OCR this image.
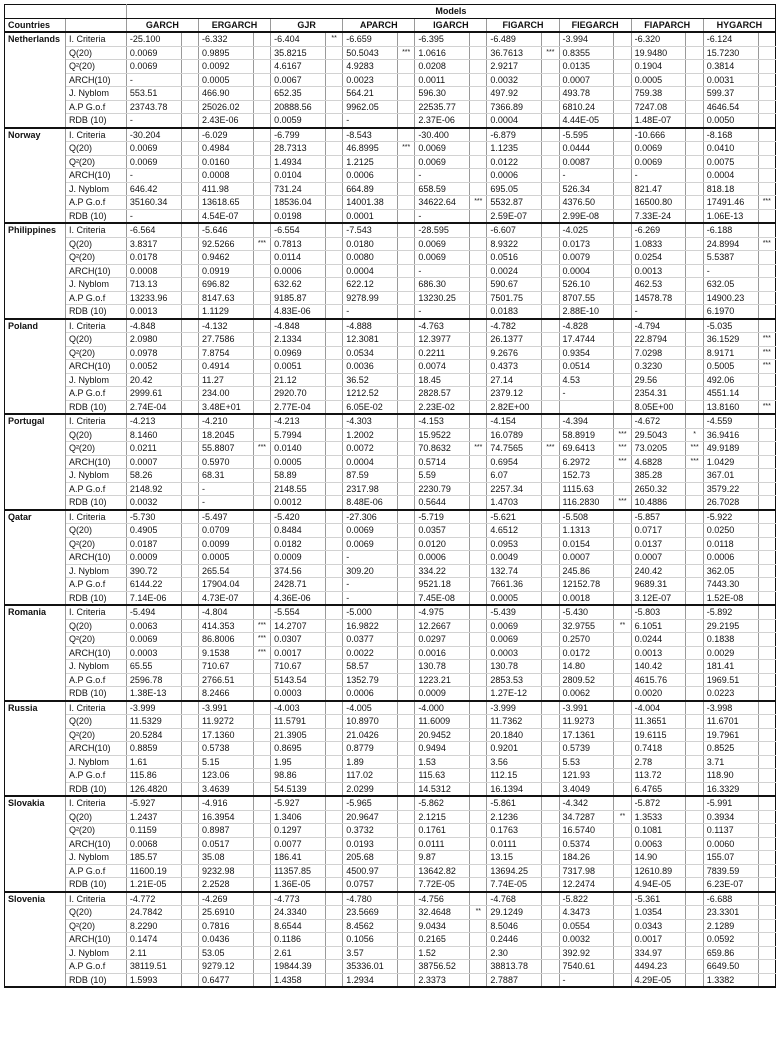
		Models																	
Countries		GARCH		ERGARCH		GJR		APARCH		IGARCH		FIGARCH		FIEGARCH		FIAPARCH		HYGARCH	
Netherlands	I. Criteria	-25.100		-6.332		-6.404	**	-6.659		-6.395		-6.489		-3.994		-6.320		-6.124	
	Q(20)	0.0069		0.9895		35.8215		50.5043	***	1.0616		36.7613	***	0.8355		19.9480		15.7230	
	Q²(20)	0.0069		0.0092		4.6167		4.9283		0.0208		2.9217		0.0135		0.1904		0.3814	
	ARCH(10)	-		0.0005		0.0067		0.0023		0.0011		0.0032		0.0007		0.0005		0.0031	
	J. Nyblom	553.51		466.90		652.35		564.21		596.30		497.92		493.78		759.38		599.37	
	A.P G.o.f	23743.78		25026.02		20888.56		9962.05		22535.77		7366.89		6810.24		7247.08		4646.54	
	RDB (10)	-		2.43E-06		0.0059		-		2.37E-06		0.0004		4.44E-05		1.48E-07		0.0050	
Norway	I. Criteria	-30.204		-6.029		-6.799		-8.543		-30.400		-6.879		-5.595		-10.666		-8.168	
	Q(20)	0.0069		0.4984		28.7313		46.8995	***	0.0069		1.1235		0.0444		0.0069		0.0410	
	Q²(20)	0.0069		0.0160		1.4934		1.2125		0.0069		0.0122		0.0087		0.0069		0.0075	
	ARCH(10)	-		0.0008		0.0104		0.0006		-		0.0006		-		-		0.0004	
	J. Nyblom	646.42		411.98		731.24		664.89		658.59		695.05		526.34		821.47		818.18	
	A.P G.o.f	35160.34		13618.65		18536.04		14001.38		34622.64	***	5532.87		4376.50		16500.80		17491.46	***
	RDB (10)	-		4.54E-07		0.0198		0.0001		-		2.59E-07		2.99E-08		7.33E-24		1.06E-13	
Philippines	I. Criteria	-6.564		-5.646		-6.554		-7.543		-28.595		-6.607		-4.025		-6.269		-6.188	
	Q(20)	3.8317		92.5266	***	0.7813		0.0180		0.0069		8.9322		0.0173		1.0833		24.8994	***
	Q²(20)	0.0178		0.9462		0.0114		0.0080		0.0069		0.0516		0.0079		0.0254		5.5387	
	ARCH(10)	0.0008		0.0919		0.0006		0.0004		-		0.0024		0.0004		0.0013		-	
	J. Nyblom	713.13		696.82		632.62		622.12		686.30		590.67		526.10		462.53		632.05	
	A.P G.o.f	13233.96		8147.63		9185.87		9278.99		13230.25		7501.75		8707.55		14578.78		14900.23	
	RDB (10)	0.0013		1.1129		4.83E-06		-		-		0.0183		2.88E-10		-		6.1970	
Poland	I. Criteria	-4.848		-4.132		-4.848		-4.888		-4.763		-4.782		-4.828		-4.794		-5.035	
	Q(20)	2.0980		27.7586		2.1334		12.3081		12.3977		26.1377		17.4744		22.8794		36.1529	***
	Q²(20)	0.0978		7.8754		0.0969		0.0534		0.2211		9.2676		0.9354		7.0298		8.9171	***
	ARCH(10)	0.0052		0.4914		0.0051		0.0036		0.0074		0.4373		0.0514		0.3230		0.5005	***
	J. Nyblom	20.42		11.27		21.12		36.52		18.45		27.14		4.53		29.56		492.06	
	A.P G.o.f	2999.61		234.00		2920.70		1212.52		2828.57		2379.12		-		2354.31		4551.14	
	RDB (10)	2.74E-04		3.48E+01		2.77E-04		6.05E-02		2.23E-02		2.82E+00				8.05E+00		13.8160	***
Portugal	I. Criteria	-4.213		-4.210		-4.213		-4.303		-4.153		-4.154		-4.394		-4.672		-4.559	
	Q(20)	8.1460		18.2045		5.7994		1.2002		15.9522		16.0789		58.8919	***	29.5043	*	36.9416	
	Q²(20)	0.0211		55.8807	***	0.0140		0.0072		70.8632	***	74.7565	***	69.6413	***	73.0205	***	49.9189	
	ARCH(10)	0.0007		0.5970		0.0005		0.0004		0.5714		0.6954		6.2972	***	4.6828	***	1.0429	
	J. Nyblom	58.26		68.31		58.89		87.59		5.59		6.07		152.73		385.28		367.01	
	A.P G.o.f	2148.92		-		2148.55		2317.98		2230.79		2257.34		1115.63		2650.32		3579.22	
	RDB (10)	0.0032		-		0.0012		8.48E-06		0.5644		1.4703		116.2830	***	10.4886		26.7028	
Qatar	I. Criteria	-5.730		-5.497		-5.420		-27.306		-5.719		-5.621		-5.508		-5.857		-5.922	
	Q(20)	0.4905		0.0709		0.8484		0.0069		0.0357		4.6512		1.1313		0.0717		0.0250	
	Q²(20)	0.0187		0.0099		0.0182		0.0069		0.0120		0.0953		0.0154		0.0137		0.0118	
	ARCH(10)	0.0009		0.0005		0.0009		-		0.0006		0.0049		0.0007		0.0007		0.0006	
	J. Nyblom	390.72		265.54		374.56		309.20		334.22		132.74		245.86		240.42		362.05	
	A.P G.o.f	6144.22		17904.04		2428.71		-		9521.18		7661.36		12152.78		9689.31		7443.30	
	RDB (10)	7.14E-06		4.73E-07		4.36E-06		-		7.45E-08		0.0005		0.0018		3.12E-07		1.52E-08	
Romania	I. Criteria	-5.494		-4.804		-5.554		-5.000		-4.975		-5.439		-5.430		-5.803		-5.892	
	Q(20)	0.0063		414.353	***	14.2707		16.9822		12.2667		0.0069		32.9755	**	6.1051		29.2195	
	Q²(20)	0.0069		86.8006	***	0.0307		0.0377		0.0297		0.0069		0.2570		0.0244		0.1838	
	ARCH(10)	0.0003		9.1538	***	0.0017		0.0022		0.0016		0.0003		0.0172		0.0013		0.0029	
	J. Nyblom	65.55		710.67		710.67		58.57		130.78		130.78		14.80		140.42		181.41	
	A.P G.o.f	2596.78		2766.51		5143.54		1352.79		1223.21		2853.53		2809.52		4615.76		1969.51	
	RDB (10)	1.38E-13		8.2466		0.0003		0.0006		0.0009		1.27E-12		0.0062		0.0020		0.0223	
Russia	I. Criteria	-3.999		-3.991		-4.003		-4.005		-4.000		-3.999		-3.991		-4.004		-3.998	
	Q(20)	11.5329		11.9272		11.5791		10.8970		11.6009		11.7362		11.9273		11.3651		11.6701	
	Q²(20)	20.5284		17.1360		21.3905		21.0426		20.9452		20.1840		17.1361		19.6115		19.7961	
	ARCH(10)	0.8859		0.5738		0.8695		0.8779		0.9494		0.9201		0.5739		0.7418		0.8525	
	J. Nyblom	1.61		5.15		1.95		1.89		1.53		3.56		5.53		2.78		3.71	
	A.P G.o.f	115.86		123.06		98.86		117.02		115.63		112.15		121.93		113.72		118.90	
	RDB (10)	126.4820		3.4639		54.5139		2.0299		14.5312		16.1394		3.4049		6.4765		16.3329	
Slovakia	I. Criteria	-5.927		-4.916		-5.927		-5.965		-5.862		-5.861		-4.342		-5.872		-5.991	
	Q(20)	1.2437		16.3954		1.3406		20.9647		2.1215		2.1236		34.7287	**	1.3533		0.3934	
	Q²(20)	0.1159		0.8987		0.1297		0.3732		0.1761		0.1763		16.5740		0.1081		0.1137	
	ARCH(10)	0.0068		0.0517		0.0077		0.0193		0.0111		0.0111		0.5374		0.0063		0.0060	
	J. Nyblom	185.57		35.08		186.41		205.68		9.87		13.15		184.26		14.90		155.07	
	A.P G.o.f	11600.19		9232.98		11357.85		4500.97		13642.82		13694.25		7317.98		12610.89		7839.59	
	RDB (10)	1.21E-05		2.2528		1.36E-05		0.0757		7.72E-05		7.74E-05		12.2474		4.94E-05		6.23E-07	
Slovenia	I. Criteria	-4.772		-4.269		-4.773		-4.780		-4.756		-4.768		-5.822		-5.361		-6.688	
	Q(20)	24.7842		25.6910		24.3340		23.5669		32.4648	**	29.1249		4.3473		1.0354		23.3301	
	Q²(20)	8.2290		0.7816		8.6544		8.4562		9.0434		8.5046		0.0554		0.0343		2.1289	
	ARCH(10)	0.1474		0.0436		0.1186		0.1056		0.2165		0.2446		0.0032		0.0017		0.0592	
	J. Nyblom	2.11		53.05		2.61		3.57		1.52		2.30		392.92		334.97		659.86	
	A.P G.o.f	38119.51		9279.12		19844.39		35336.01		38756.52		38813.78		7540.61		4494.23		6649.50	
	RDB (10)	1.5993		0.6477		1.4358		1.2934		2.3373		2.7887		-		4.29E-05		1.3382	
